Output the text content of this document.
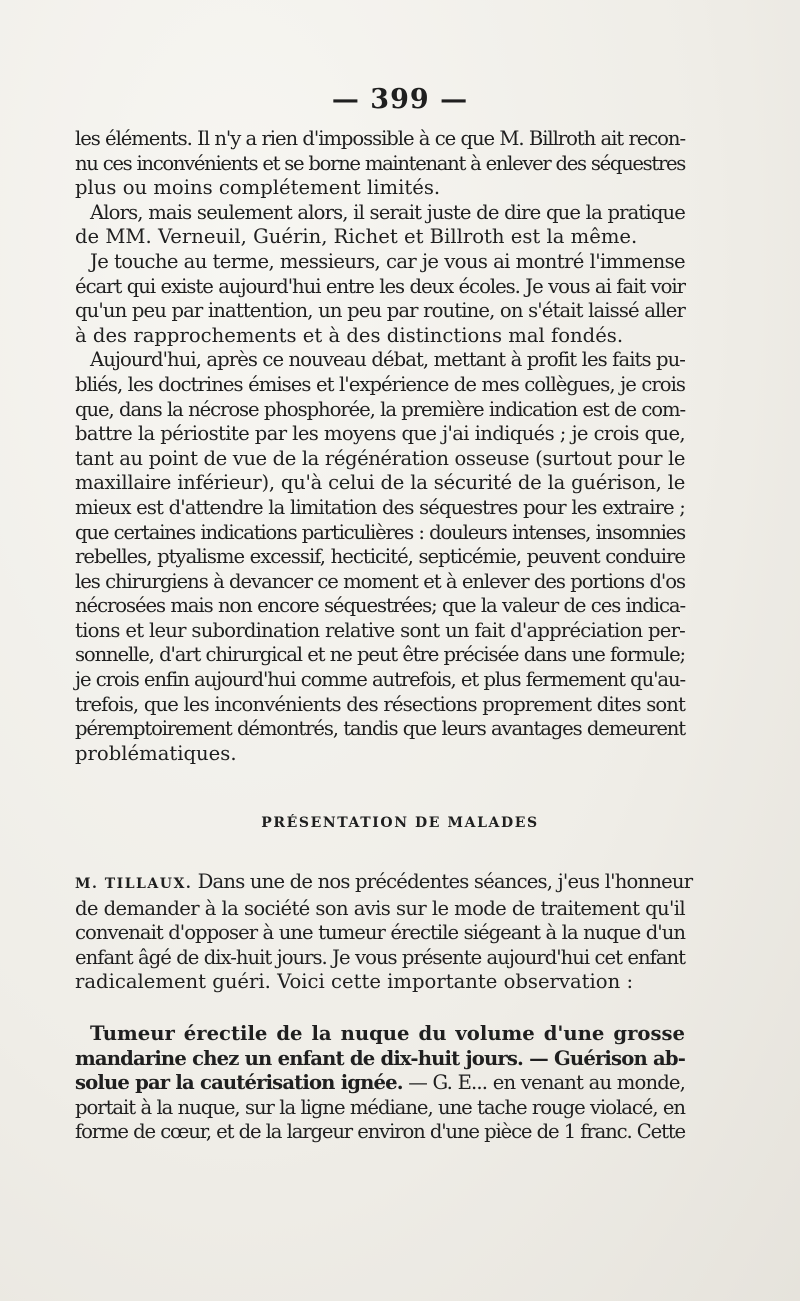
— 399 —
les éléments. Il n'y a rien d'impossible à ce que M. Billroth ait recon-
nu ces inconvénients et se borne maintenant à enlever des séquestres
plus ou moins complétement limités.
Alors, mais seulement alors, il serait juste de dire que la pratique
de MM. Verneuil, Guérin, Richet et Billroth est la même.
Je touche au terme, messieurs, car je vous ai montré l'immense
écart qui existe aujourd'hui entre les deux écoles. Je vous ai fait voir
qu'un peu par inattention, un peu par routine, on s'était laissé aller
à des rapprochements et à des distinctions mal fondés.
Aujourd'hui, après ce nouveau débat, mettant à profit les faits pu-
bliés, les doctrines émises et l'expérience de mes collègues, je crois
que, dans la nécrose phosphorée, la première indication est de com-
battre la périostite par les moyens que j'ai indiqués ; je crois que,
tant au point de vue de la régénération osseuse (surtout pour le
maxillaire inférieur), qu'à celui de la sécurité de la guérison, le
mieux est d'attendre la limitation des séquestres pour les extraire ;
que certaines indications particulières : douleurs intenses, insomnies
rebelles, ptyalisme excessif, hecticité, septicémie, peuvent conduire
les chirurgiens à devancer ce moment et à enlever des portions d'os
nécrosées mais non encore séquestrées; que la valeur de ces indica-
tions et leur subordination relative sont un fait d'appréciation per-
sonnelle, d'art chirurgical et ne peut être précisée dans une formule;
je crois enfin aujourd'hui comme autrefois, et plus fermement qu'au-
trefois, que les inconvénients des résections proprement dites sont
péremptoirement démontrés, tandis que leurs avantages demeurent
problématiques.
PRÉSENTATION DE MALADES
M. TILLAUX. Dans une de nos précédentes séances, j'eus l'honneur
de demander à la société son avis sur le mode de traitement qu'il
convenait d'opposer à une tumeur érectile siégeant à la nuque d'un
enfant âgé de dix-huit jours. Je vous présente aujourd'hui cet enfant
radicalement guéri. Voici cette importante observation :
Tumeur érectile de la nuque du volume d'une grosse
mandarine chez un enfant de dix-huit jours. — Guérison ab-
solue par la cautérisation ignée. — G. E... en venant au monde,
portait à la nuque, sur la ligne médiane, une tache rouge violacé, en
forme de cœur, et de la largeur environ d'une pièce de 1 franc. Cette
